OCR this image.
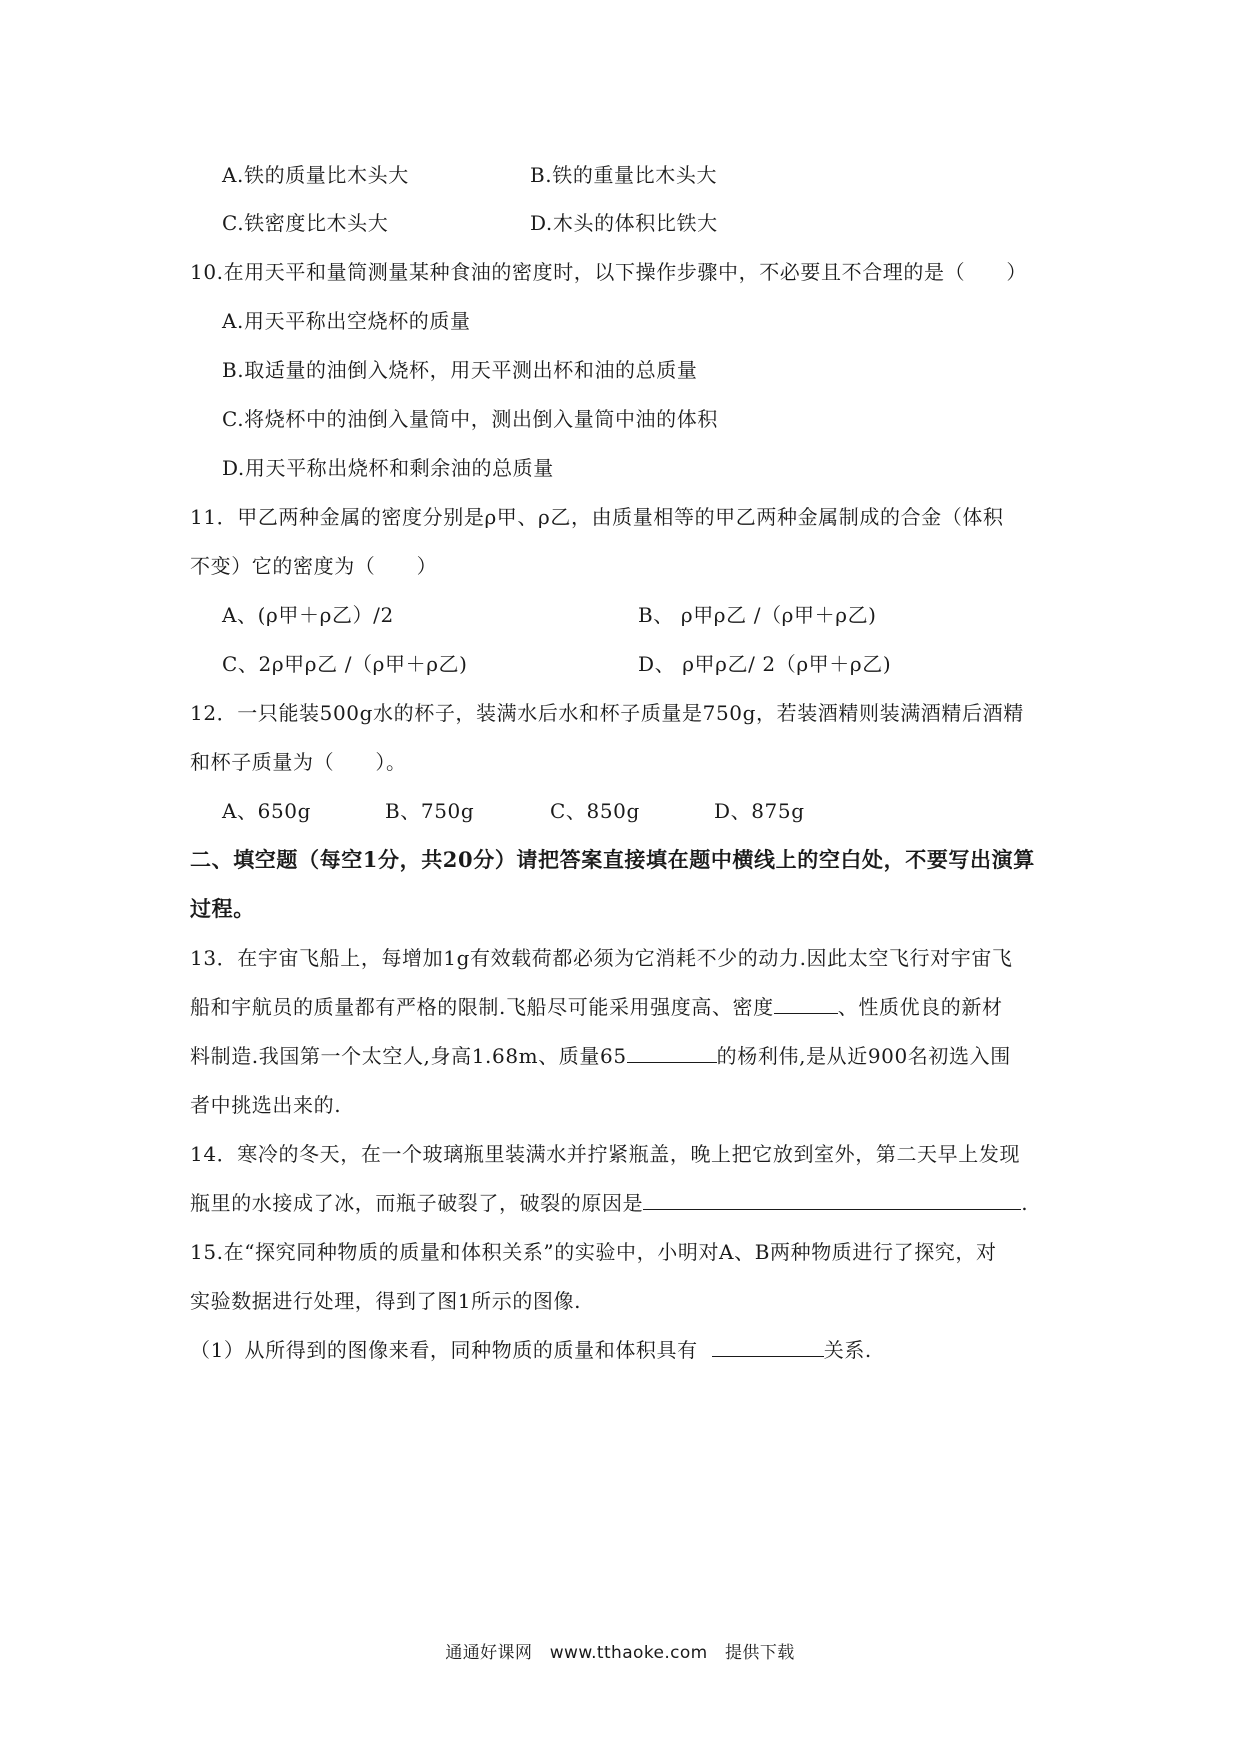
A.铁的质量比木头大	B.铁的重量比木头大
C.铁密度比木头大	D.木头的体积比铁大
10.在用天平和量筒测量某种食油的密度时，以下操作步骤中，不必要且不合理的是（　　）
A.用天平称出空烧杯的质量
B.取适量的油倒入烧杯，用天平测出杯和油的总质量
C.将烧杯中的油倒入量筒中，测出倒入量筒中油的体积
D.用天平称出烧杯和剩余油的总质量
11．甲乙两种金属的密度分别是ρ甲、ρ乙，由质量相等的甲乙两种金属制成的合金（体积
不变）它的密度为（　　）
A、(ρ甲＋ρ乙）/2	B、 ρ甲ρ乙 /（ρ甲＋ρ乙)
C、2ρ甲ρ乙 /（ρ甲＋ρ乙)	D、 ρ甲ρ乙/ 2（ρ甲＋ρ乙)
12．一只能装500g水的杯子，装满水后水和杯子质量是750g，若装酒精则装满酒精后酒精
和杯子质量为（　　）。
A、650g	B、750g	C、850g	D、875g
二、填空题（每空1分，共20分）请把答案直接填在题中横线上的空白处，不要写出演算
过程。
13．在宇宙飞船上，每增加1g有效载荷都必须为它消耗不少的动力.因此太空飞行对宇宙飞
船和宇航员的质量都有严格的限制.飞船尽可能采用强度高、密度	、性质优良的新材
料制造.我国第一个太空人,身高1.68m、质量65	的杨利伟,是从近900名初选入围
者中挑选出来的.
14．寒冷的冬天，在一个玻璃瓶里装满水并拧紧瓶盖，晚上把它放到室外，第二天早上发现
瓶里的水接成了冰，而瓶子破裂了，破裂的原因是	.
15.在“探究同种物质的质量和体积关系”的实验中，小明对A、B两种物质进行了探究，对
实验数据进行处理，得到了图1所示的图像.
（1）从所得到的图像来看，同种物质的质量和体积具有	关系.
通通好课网　www.tthaoke.com　提供下载
